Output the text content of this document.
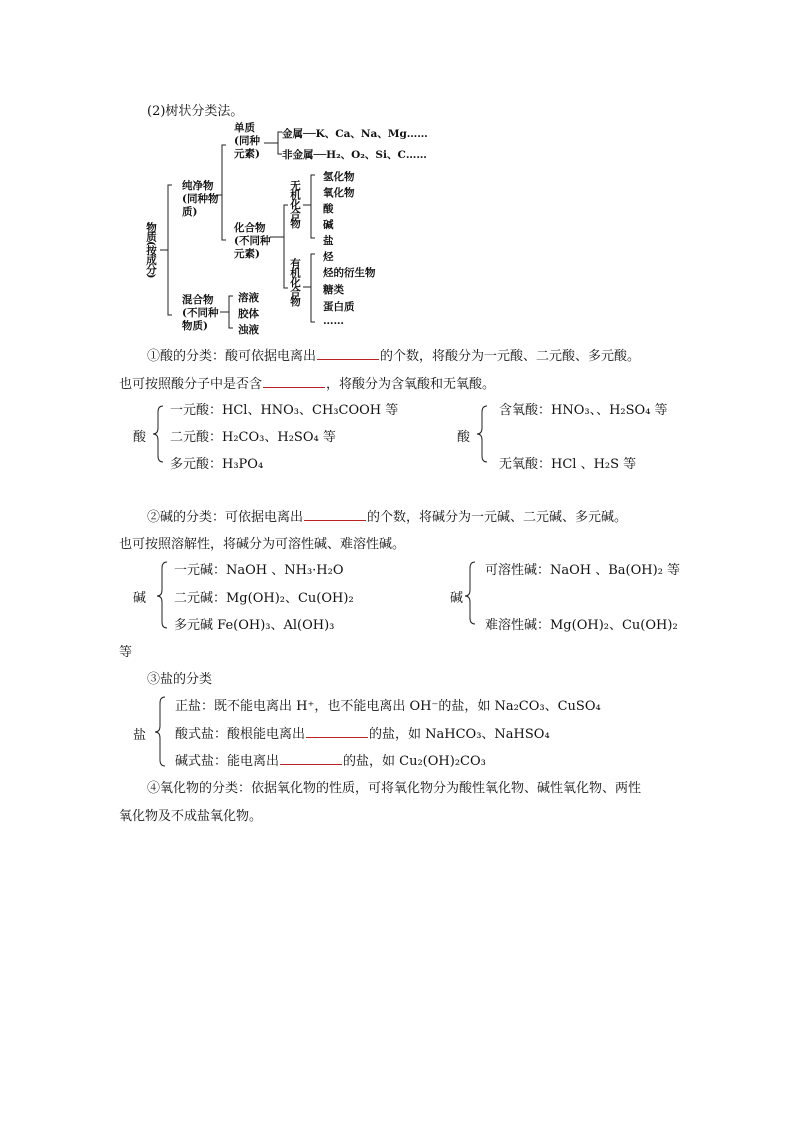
(2)树状分类法。
物质(按成分)
纯净物(同种物质)
单质(同种元素)
金属──K、Ca、Na、Mg……
非金属──H₂、O₂、Si、C……
化合物(不同种元素)
无机化合物
有机化合物
氢化物
氧化物
酸
碱
盐
烃
烃的衍生物
糖类
蛋白质
……
混合物(不同种物质)
溶液
胶体
浊液
①酸的分类：酸可依据电离出	的个数，将酸分为一元酸、二元酸、多元酸。
也可按照酸分子中是否含	，将酸分为含氧酸和无氧酸。
酸
一元酸：HCl、HNO₃、CH₃COOH 等
二元酸：H₂CO₃、H₂SO₄ 等
多元酸：H₃PO₄
酸
含氧酸：HNO₃、、H₂SO₄ 等
无氧酸：HCl 、H₂S 等
②碱的分类：可依据电离出	的个数，将碱分为一元碱、二元碱、多元碱。
也可按照溶解性，将碱分为可溶性碱、难溶性碱。
碱
一元碱：NaOH 、NH₃·H₂O
二元碱：Mg(OH)₂、Cu(OH)₂
多元碱 Fe(OH)₃、Al(OH)₃
等
碱
可溶性碱：NaOH 、Ba(OH)₂ 等
难溶性碱：Mg(OH)₂、Cu(OH)₂
③盐的分类
盐
正盐：既不能电离出 H⁺，也不能电离出 OH⁻的盐，如 Na₂CO₃、CuSO₄
酸式盐：酸根能电离出	的盐，如 NaHCO₃、NaHSO₄
碱式盐：能电离出	的盐，如 Cu₂(OH)₂CO₃
④氧化物的分类：依据氧化物的性质，可将氧化物分为酸性氧化物、碱性氧化物、两性
氧化物及不成盐氧化物。
